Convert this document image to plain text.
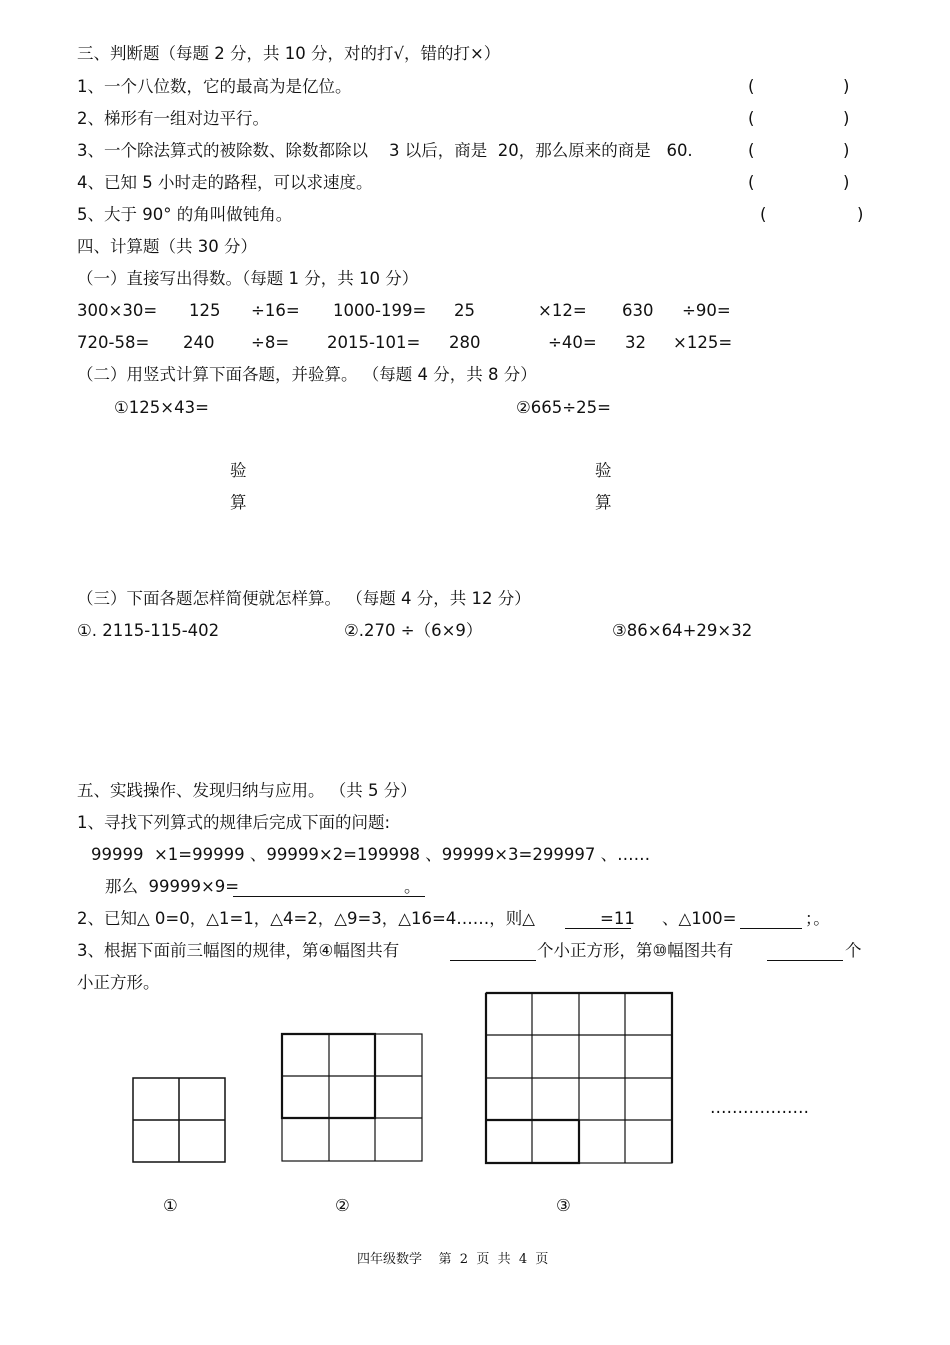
三、判断题（每题 2 分，共 10 分，对的打√，错的打×）
1、一个八位数，它的最高为是亿位。	(	)
2、梯形有一组对边平行。	(	)
3、一个除法算式的被除数、除数都除以    3 以后，商是  20，那么原来的商是   60.	(	)
4、已知 5 小时走的路程，可以求速度。	(	)
5、大于 90° 的角叫做钝角。	(	)
四、计算题（共 30 分）
（一）直接写出得数。（每题 1 分，共 10 分）
300×30= 125 ÷16= 1000-199= 25	×12= 630 ÷90=
720-58= 240 ÷8= 2015-101= 280	÷40= 32 ×125=
（二）用竖式计算下面各题，并验算。 （每题 4 分，共 8 分）
①125×43=	②665÷25=
验
算
验
算
（三）下面各题怎样简便就怎样算。 （每题 4 分，共 12 分）
①. 2115-115-402	②.270 ÷（6×9）	③86×64+29×32
五、实践操作、发现归纳与应用。 （共 5 分）
1、寻找下列算式的规律后完成下面的问题:
99999  ×1=99999 、99999×2=199998 、99999×3=299997 、……
那么  99999×9=	。
2、已知△ 0=0，△1=1，△4=2，△9=3，△16=4……，则△	=11 、△100=	；。
3、根据下面前三幅图的规律，第④幅图共有	个小正方形，第⑩幅图共有	个
小正方形。
………………
①	②	③
四年级数学    第  2  页  共  4  页
